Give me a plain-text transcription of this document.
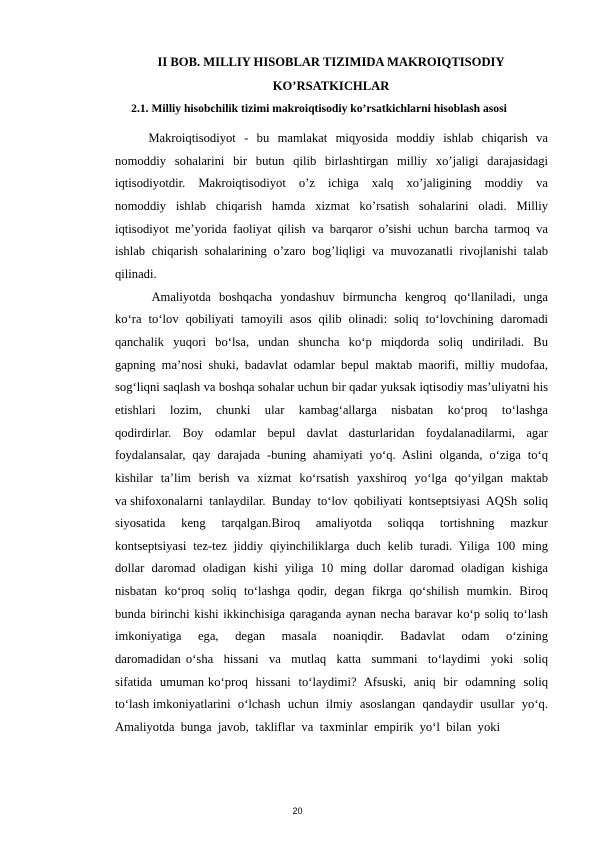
II BOB. MILLIY HISOBLAR TIZIMIDA MAKROIQTISODIY
KO’RSATKICHLAR
2.1. Milliy hisobchilik tizimi makroiqtisodiy ko’rsatkichlarni hisoblash asosi

Makroiqtisodiyot  -  bu  mamlakat  miqyosida  moddiy  ishlab  chiqarish  va nomoddiy  sohalarini  bir  butun  qilib  birlashtirgan  milliy  xo’jaligi  darajasidagi iqtisodiyotdir.  Makroiqtisodiyot  o’z  ichiga  xalq  xo’jaligining  moddiy  va nomoddiy  ishlab  chiqarish  hamda  xizmat  ko’rsatish  sohalarini  oladi.  Milliy iqtisodiyot me’yorida faoliyat qilish va barqaror o’sishi uchun barcha tarmoq va ishlab chiqarish sohalarining o’zaro bog’liqligi va muvozanatli rivojlanishi talab qilinadi.

Amaliyotda  boshqacha  yondashuv  birmuncha  kengroq  qo‘llaniladi,  unga ko‘ra  to‘lov  qobiliyati  tamoyili  asos  qilib  olinadi:  soliq  to‘lovchining  daromadi qanchalik  yuqori  bo‘lsa,  undan  shuncha  ko‘p  miqdorda  soliq  undiriladi.  Bu gapning ma’nosi shuki, badavlat odamlar bepul maktab maorifi, milliy mudofaa, sog‘liqni saqlash va boshqa sohalar uchun bir qadar yuksak iqtisodiy mas’uliyatni his  etishlari  lozim,  chunki  ular  kambag‘allarga  nisbatan  ko‘proq  to‘lashga qodirdirlar.  Boy  odamlar  bepul  davlat  dasturlaridan  foydalanadilarmi,  agar foydalansalar,  qay  darajada  -buning  ahamiyati  yo‘q.  Aslini  olganda,  o‘ziga  to‘q kishilar  ta’lim  berish  va  xizmat  ko‘rsatish  yaxshiroq  yo‘lga  qo‘yilgan  maktab  va shifoxonalarni  tanlaydilar.  Bunday  to‘lov  qobiliyati  kontseptsiyasi  AQSh  soliq siyosatida  keng  tarqalgan.Biroq  amaliyotda  soliqqa  tortishning  mazkur kontseptsiyasi  tez-tez  jiddiy  qiyinchiliklarga  duch  kelib  turadi.  Yiliga  100  ming dollar  daromad  oladigan  kishi  yiliga  10  ming  dollar  daromad  oladigan  kishiga nisbatan  ko‘proq  soliq  to‘lashga  qodir,  degan  fikrga  qo‘shilish  mumkin.  Biroq bunda birinchi kishi ikkinchisiga qaraganda aynan necha baravar ko‘p soliq to‘lash imkoniyatiga  ega,  degan  masala  noaniqdir.  Badavlat  odam  o‘zining  daromadidan o‘sha  hissani  va  mutlaq  katta  summani  to‘laydimi  yoki  soliq  sifatida  umuman ko‘proq  hissani  to‘laydimi?  Afsuski,  aniq  bir  odamning  soliq  to‘lash imkoniyatlarini  o‘lchash  uchun  ilmiy  asoslangan  qandaydir  usullar  yo‘q. Amaliyotda  bunga  javob,  takliflar  va  taxminlar  empirik  yo‘l  bilan  yoki

20
